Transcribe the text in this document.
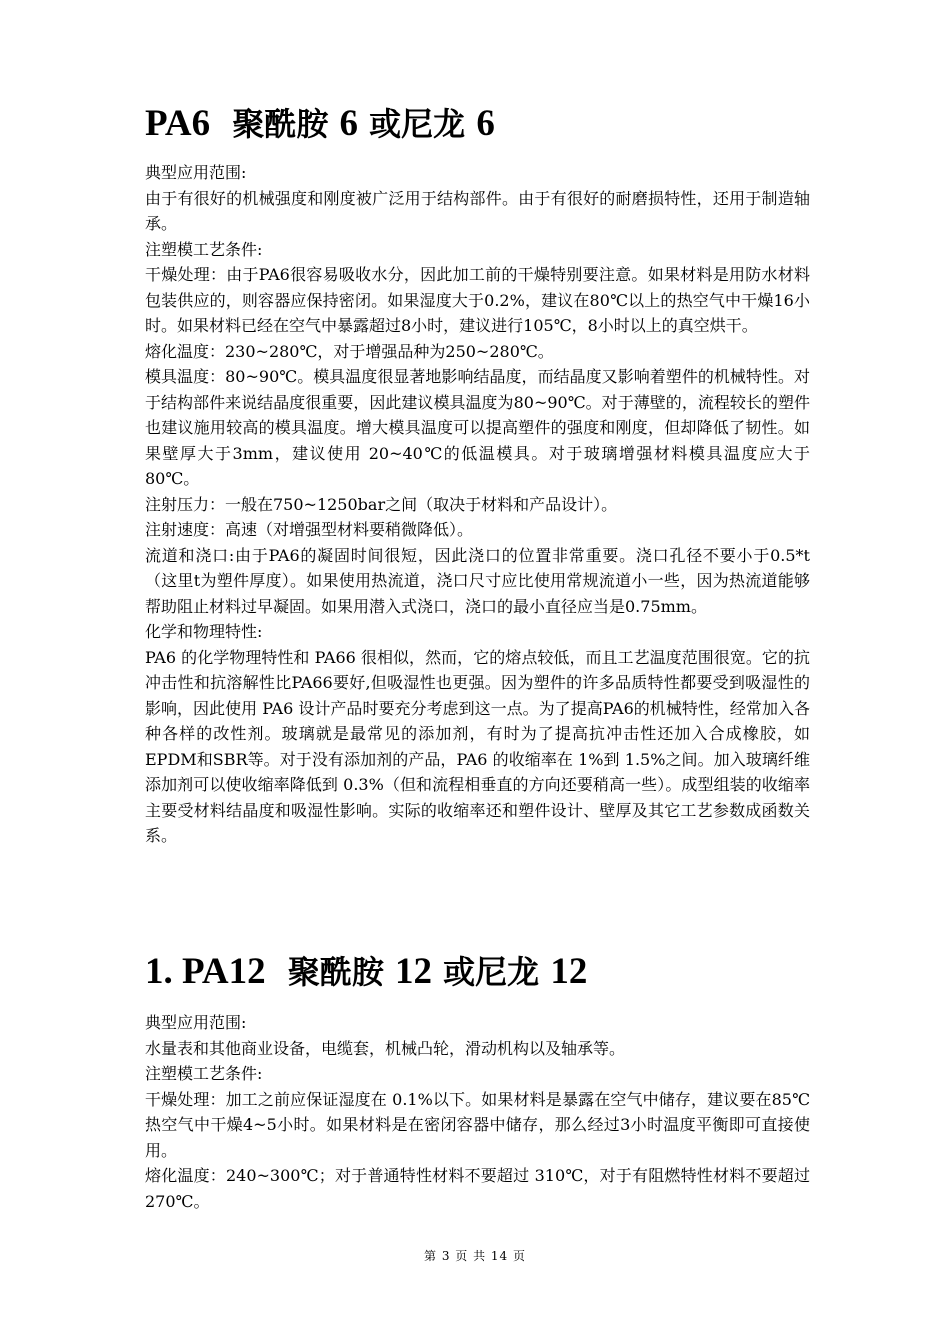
PA6 聚酰胺 6 或尼龙 6

典型应用范围:

由于有很好的机械强度和刚度被广泛用于结构部件。由于有很好的耐磨损特性，还用于制造轴承。

注塑模工艺条件:

干燥处理：由于PA6很容易吸收水分，因此加工前的干燥特别要注意。如果材料是用防水材料包装供应的，则容器应保持密闭。如果湿度大于0.2%，建议在80℃以上的热空气中干燥16小时。如果材料已经在空气中暴露超过8小时，建议进行105℃，8小时以上的真空烘干。

熔化温度：230~280℃，对于增强品种为250~280℃。

模具温度：80~90℃。模具温度很显著地影响结晶度，而结晶度又影响着塑件的机械特性。对于结构部件来说结晶度很重要，因此建议模具温度为80~90℃。对于薄壁的，流程较长的塑件也建议施用较高的模具温度。增大模具温度可以提高塑件的强度和刚度，但却降低了韧性。如果壁厚大于3mm，建议使用 20~40℃的低温模具。对于玻璃增强材料模具温度应大于 80℃。

注射压力：一般在750~1250bar之间（取决于材料和产品设计）。

注射速度：高速（对增强型材料要稍微降低）。

流道和浇口:由于PA6的凝固时间很短，因此浇口的位置非常重要。浇口孔径不要小于0.5*t（这里t为塑件厚度）。如果使用热流道，浇口尺寸应比使用常规流道小一些，因为热流道能够帮助阻止材料过早凝固。如果用潜入式浇口，浇口的最小直径应当是0.75mm。

化学和物理特性:

PA6 的化学物理特性和 PA66 很相似，然而，它的熔点较低，而且工艺温度范围很宽。它的抗冲击性和抗溶解性比PA66要好,但吸湿性也更强。因为塑件的许多品质特性都要受到吸湿性的影响，因此使用 PA6 设计产品时要充分考虑到这一点。为了提高PA6的机械特性，经常加入各种各样的改性剂。玻璃就是最常见的添加剂，有时为了提高抗冲击性还加入合成橡胶，如EPDM和SBR等。对于没有添加剂的产品，PA6 的收缩率在 1%到 1.5%之间。加入玻璃纤维添加剂可以使收缩率降低到 0.3%（但和流程相垂直的方向还要稍高一些）。成型组装的收缩率主要受材料结晶度和吸湿性影响。实际的收缩率还和塑件设计、壁厚及其它工艺参数成函数关系。

1. PA12 聚酰胺 12 或尼龙 12

典型应用范围:

水量表和其他商业设备，电缆套，机械凸轮，滑动机构以及轴承等。

注塑模工艺条件:

干燥处理：加工之前应保证湿度在 0.1%以下。如果材料是暴露在空气中储存，建议要在85℃热空气中干燥4~5小时。如果材料是在密闭容器中储存，那么经过3小时温度平衡即可直接使用。

熔化温度：240~300℃；对于普通特性材料不要超过 310℃，对于有阻燃特性材料不要超过270℃。

第 3 页 共 14 页
